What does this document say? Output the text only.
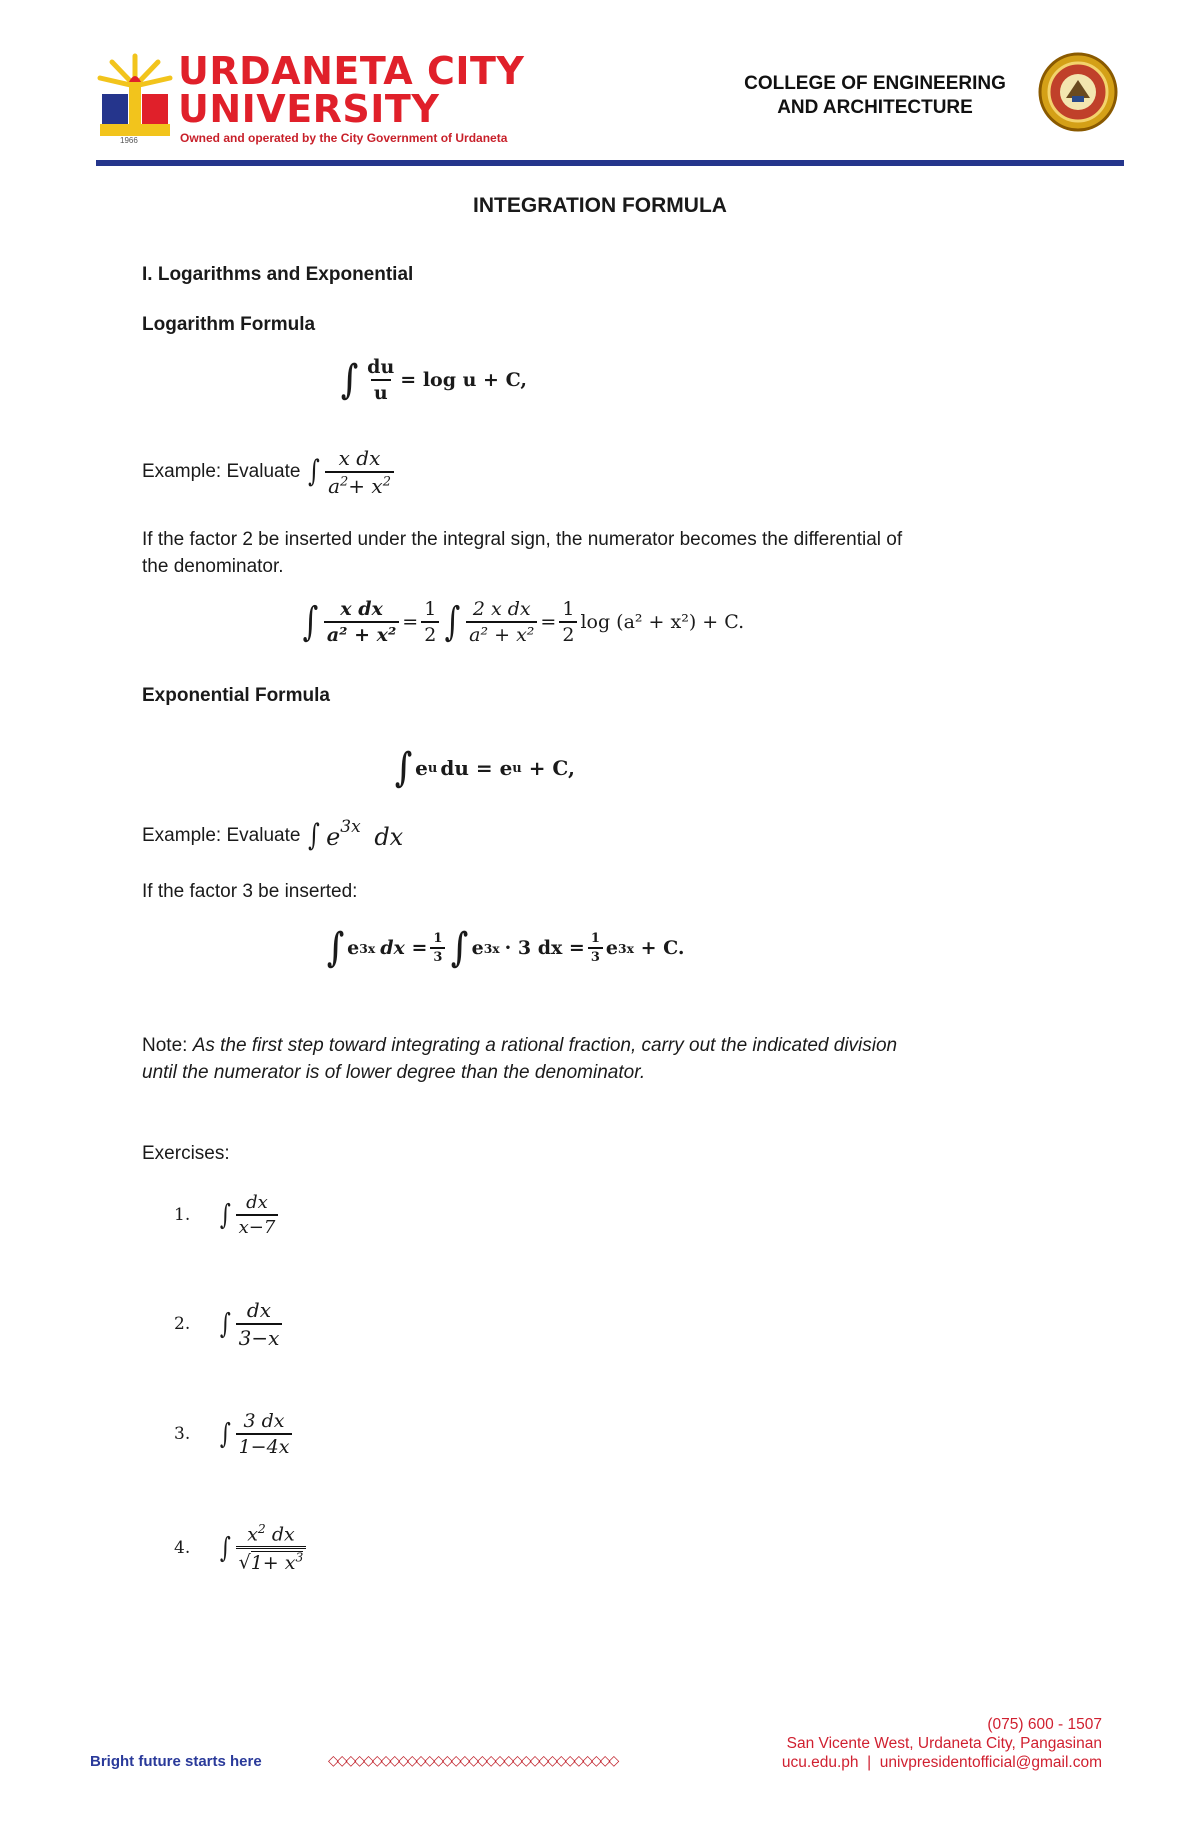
1966
URDANETA CITY
UNIVERSITY
Owned and operated by the City Government of Urdaneta
COLLEGE OF ENGINEERING
AND ARCHITECTURE
INTEGRATION FORMULA
I. Logarithms and Exponential
Logarithm Formula
∫ $\frac{du}{u} = \log u + C$,
Example: Evaluate ∫ $\frac{\text{x dx}}{a^2+ x^2}$
If the factor 2 be inserted under the integral sign, the numerator becomes the differential of
the denominator.
∫ $\frac{\text{x dx}}{\text{a² + x²}} = \frac{1}{2}$ ∫ $\frac{\text{2 x dx}}{\text{a² + x²}} = \frac{1}{2}$ log (a² + x²) + C.
Exponential Formula
∫ e u du = e u + C,
Example: Evaluate ∫ $e^{3x}$ dx
If the factor 3 be inserted:
∫ e 3x dx = $\frac{1}{3}$ ∫ e 3x · 3 dx = $\frac{1}{3}$ e 3x + C.
Note: As the first step toward integrating a rational fraction, carry out the indicated division
until the numerator is of lower degree than the denominator.
Exercises:
1.	∫ $\frac{dx}{x-7}$
2.	∫ $\frac{dx}{3-x}$
3.	∫ $\frac{3 dx}{1-4x}$
4.	∫ $\frac{x^2 dx}{√1+ x^3}$
Bright future starts here	◇◇◇◇◇◇◇◇◇◇◇◇◇◇◇◇◇◇◇◇◇◇◇◇◇◇◇◇◇◇◇◇◇
(075) 600 - 1507
San Vicente West, Urdaneta City, Pangasinan
ucu.edu.ph  |  univpresidentofficial@gmail.com
